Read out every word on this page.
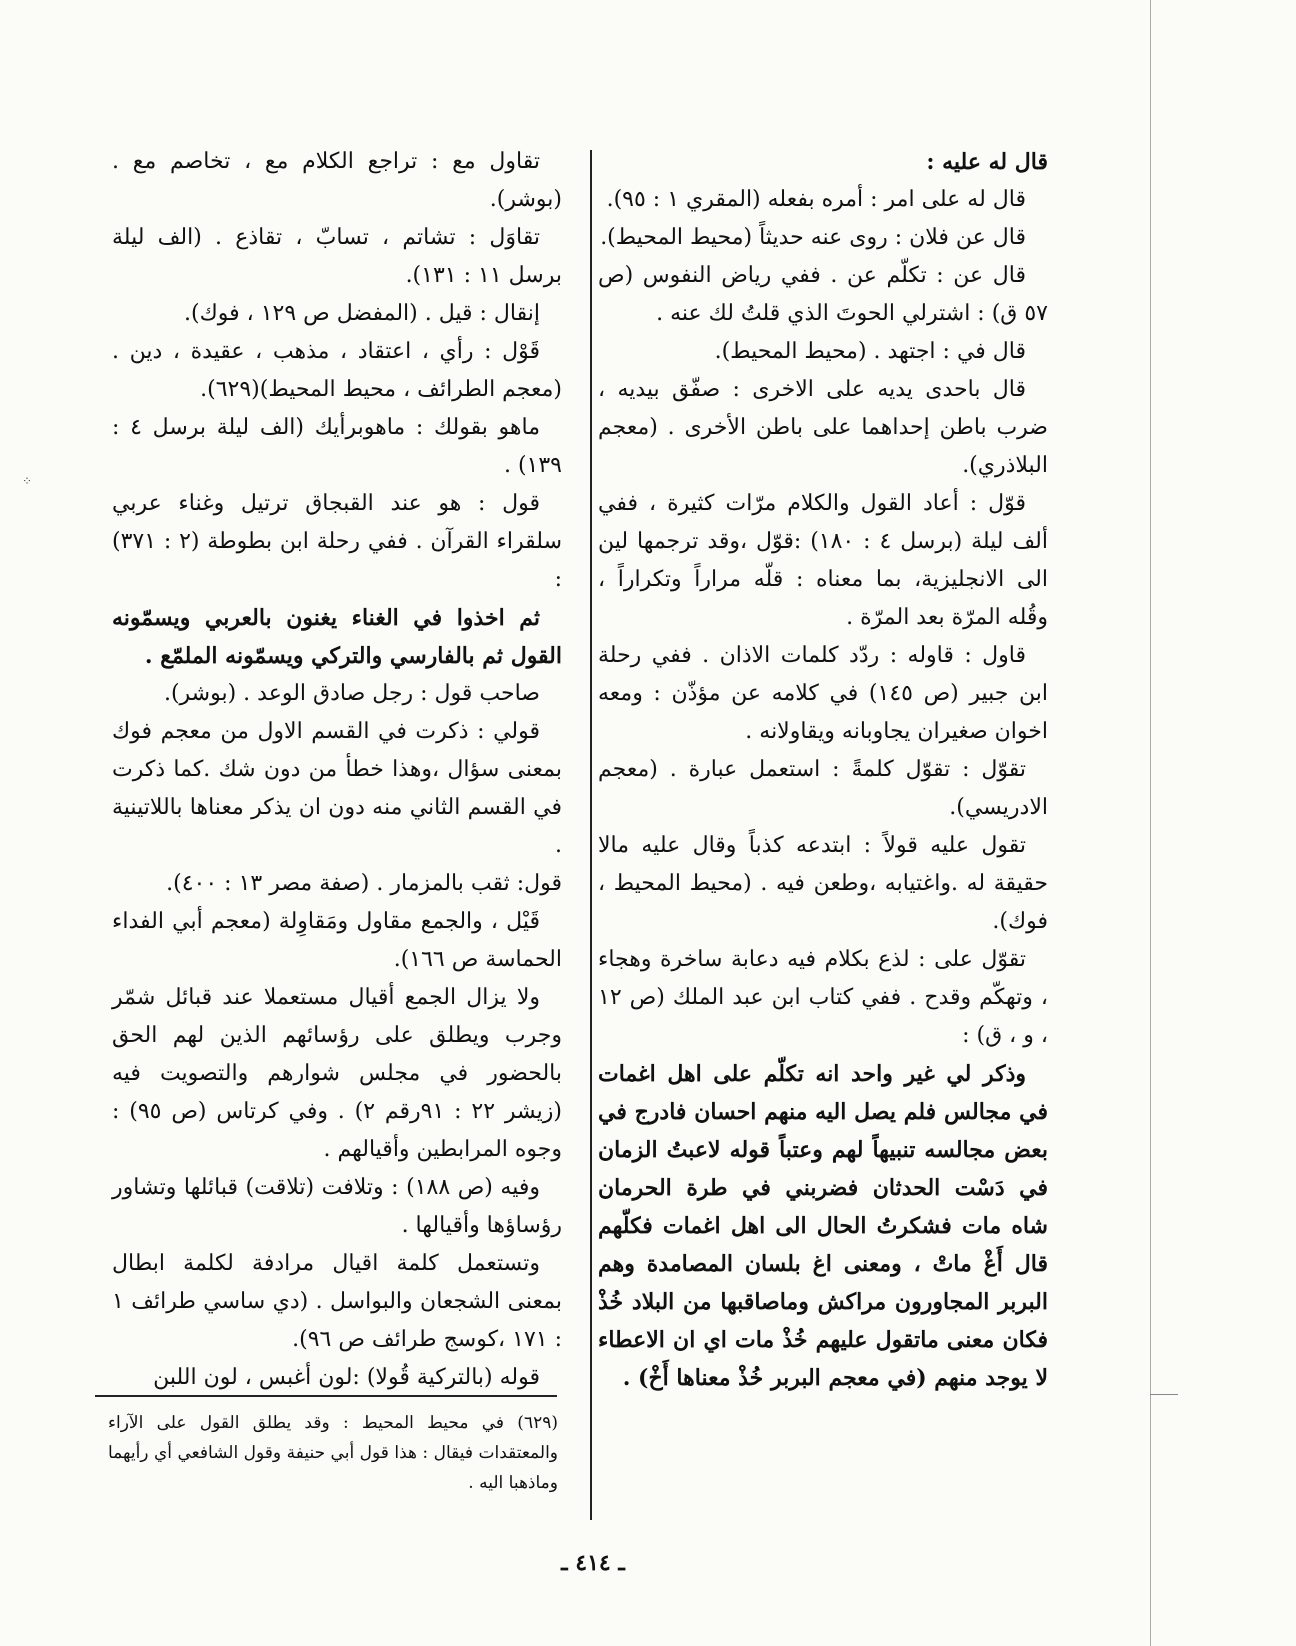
⁘

قال له عليه :

قال له على امر : أمره بفعله (المقري ١ : ٩٥).

قال عن فلان : روى عنه حديثاً (محيط المحيط).

قال عن : تكلّم عن . ففي رياض النفوس (ص ٥٧ ق) : اشترلي الحوتَ الذي قلتُ لك عنه .

قال في : اجتهد . (محيط المحيط).

قال باحدى يديه على الاخرى : صفّق بيديه ، ضرب باطن إحداهما على باطن الأخرى . (معجم البلاذري).

قوّل : أعاد القول والكلام مرّات كثيرة ، ففي ألف ليلة (برسل ٤ : ١٨٠) :قوّل ،وقد ترجمها لين الى الانجليزية، بما معناه : قلّه مراراً وتكراراً ، وقُله المرّة بعد المرّة .

قاول : قاوله : ردّد كلمات الاذان . ففي رحلة ابن جبير (ص ١٤٥) في كلامه عن مؤذّن : ومعه اخوان صغيران يجاوبانه ويقاولانه .

تقوّل : تقوّل كلمةً : استعمل عبارة . (معجم الادريسي).

تقول عليه قولاً : ابتدعه كذباً وقال عليه مالا حقيقة له .واغتيابه ،وطعن فيه . (محيط المحيط ، فوك).

تقوّل على : لذع بكلام فيه دعابة ساخرة وهجاء ، وتهكّم وقدح . ففي كتاب ابن عبد الملك (ص ١٢ ، و ، ق) :

وذكر لي غير واحد انه تكلّم على اهل اغمات في مجالس فلم يصل اليه منهم احسان فادرج في بعض مجالسه تنبيهاً لهم وعتباً قوله لاعبتُ الزمان في دَسْت الحدثان فضربني في طرة الحرمان شاه مات فشكرتُ الحال الى اهل اغمات فكلّهم قال أَغْ ماتْ ، ومعنى اغ بلسان المصامدة وهم البربر المجاورون مراكش وماصاقبها من البلاد خُذْ فكان معنى ماتقول عليهم خُذْ مات اي ان الاعطاء لا يوجد منهم (في معجم البربر خُذْ معناها أَخْ) .

تقاول مع : تراجع الكلام مع ، تخاصم مع . (بوشر).

تقاوَل : تشاتم ، تسابّ ، تقاذع . (الف ليلة برسل ١١ : ١٣١).

إنقال : قيل . (المفضل ص ١٢٩ ، فوك).

قَوْل : رأي ، اعتقاد ، مذهب ، عقيدة ، دين . (معجم الطرائف ، محيط المحيط)(٦٢٩).

ماهو بقولك : ماهوبرأيك (الف ليلة برسل ٤ : ١٣٩) .

قول : هو عند القبجاق ترتيل وغناء عربي سلقراء القرآن . ففي رحلة ابن بطوطة (٢ : ٣٧١) :

ثم اخذوا في الغناء يغنون بالعربي ويسمّونه القول ثم بالفارسي والتركي ويسمّونه الملمّع .

صاحب قول : رجل صادق الوعد . (بوشر).

قولي : ذكرت في القسم الاول من معجم فوك بمعنى سؤال ،وهذا خطأ من دون شك .كما ذكرت في القسم الثاني منه دون ان يذكر معناها باللاتينية .

قول: ثقب بالمزمار . (صفة مصر ١٣ : ٤٠٠).

قَيْل ، والجمع مقاول ومَقاوِلة (معجم أبي الفداء الحماسة ص ١٦٦).

ولا يزال الجمع أقيال مستعملا عند قبائل شمّر وجرب ويطلق على رؤسائهم الذين لهم الحق بالحضور في مجلس شوارهم والتصويت فيه (زيشر ٢٢ : ٩١رقم ٢) . وفي كرتاس (ص ٩٥) : وجوه المرابطين وأقيالهم .

وفيه (ص ١٨٨) : وتلافت (تلاقت) قبائلها وتشاور رؤساؤها وأقيالها .

وتستعمل كلمة اقيال مرادفة لكلمة ابطال بمعنى الشجعان والبواسل . (دي ساسي طرائف ١ : ١٧١ ،كوسج طرائف ص ٩٦).

قوله (بالتركية قُولا) :لون أغبس ، لون اللبن

(٦٢٩) في محيط المحيط : وقد يطلق القول على الآراء والمعتقدات فيقال : هذا قول أبي حنيفة وقول الشافعي أي رأيهما وماذهبا اليه .
ـ ٤١٤ ـ
